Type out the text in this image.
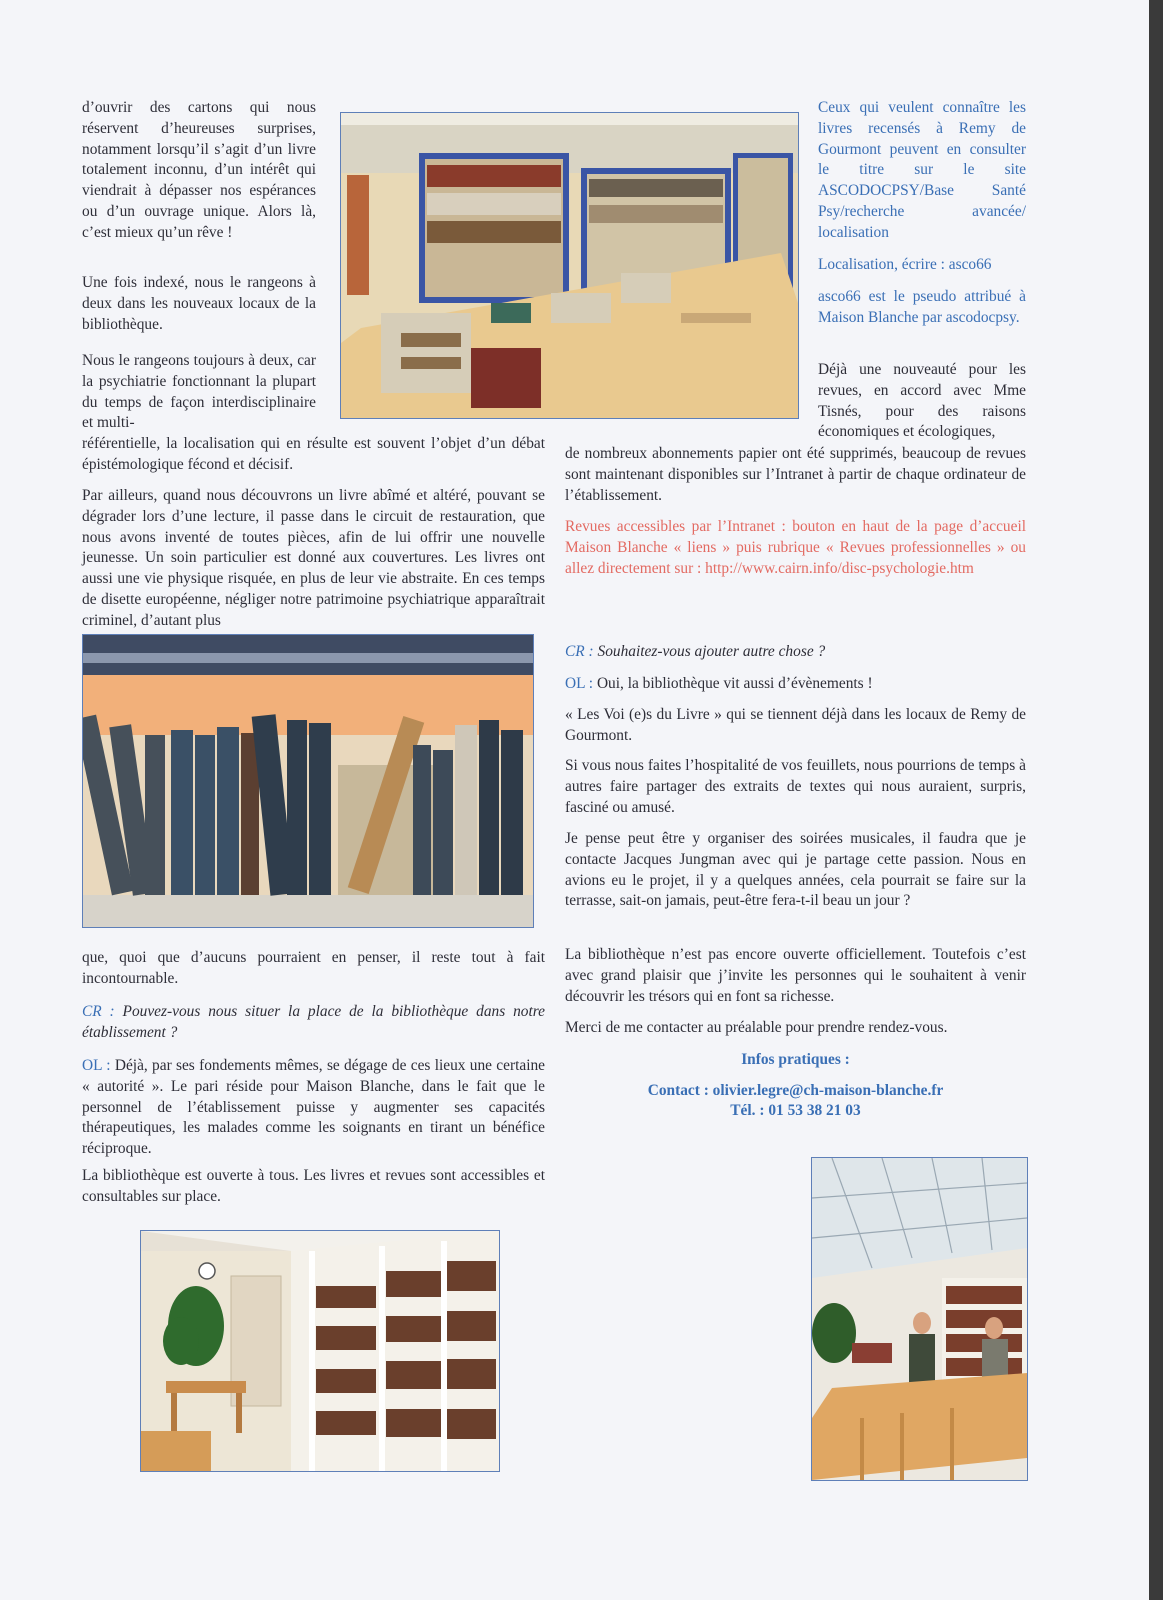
d’ouvrir des cartons qui nous réservent d’heureuses surprises, notamment lorsqu’il s’agit d’un livre totalement inconnu, d’un intérêt qui viendrait à dépasser nos espérances ou d’un ouvrage unique. Alors là, c’est mieux qu’un rêve !

Une fois indexé, nous le rangeons à deux dans les nouveaux locaux de la bibliothèque.

Nous le rangeons toujours à deux, car la psychiatrie fonctionnant la plupart du temps de façon interdisciplinaire et multi-

référentielle, la localisation qui en résulte est souvent l’objet d’un débat épistémologique fécond et décisif.

Par ailleurs, quand nous découvrons un livre abîmé et altéré, pouvant se dégrader lors d’une lecture, il passe dans le circuit de restauration, que nous avons inventé de toutes pièces, afin de lui offrir une nouvelle jeunesse. Un soin particulier est donné aux couvertures. Les livres ont aussi une vie physique risquée, en plus de leur vie abstraite. En ces temps de disette européenne, négliger notre patrimoine psychiatrique apparaîtrait criminel, d’autant plus

que, quoi que d’aucuns pourraient en penser, il reste tout à fait incontournable.

CR : Pouvez-vous nous situer la place de la bibliothèque dans notre établissement ?

OL : Déjà, par ses fondements mêmes, se dégage de ces lieux une certaine « autorité ». Le pari réside pour Maison Blanche, dans le fait que le personnel de l’établissement puisse y augmenter ses capacités thérapeutiques, les malades comme les soignants en tirant un bénéfice réciproque.

La bibliothèque est ouverte à tous. Les livres et revues sont accessibles et consultables sur place.

Ceux qui veulent connaître les livres recensés à Remy de Gourmont peuvent en consulter le titre sur le site ASCODOCPSY/Base Santé Psy/recherche avancée/ localisation

Localisation, écrire : asco66

asco66 est le pseudo attribué à Maison Blanche par ascodocpsy.

Déjà une nouveauté pour les revues, en accord avec Mme Tisnés, pour des raisons économiques et écologiques,

de nombreux abonnements papier ont été supprimés, beaucoup de revues sont maintenant disponibles sur l’Intranet à partir de chaque ordinateur de l’établissement.

Revues accessibles par l’Intranet : bouton en haut de la page d’accueil Maison Blanche « liens » puis rubrique « Revues professionnelles » ou allez directement sur : http://www.cairn.info/disc-psychologie.htm

CR : Souhaitez-vous ajouter autre chose ?

OL : Oui, la bibliothèque vit aussi d’évènements !

« Les Voi (e)s du Livre » qui se tiennent déjà dans les locaux de Remy de Gourmont.

Si vous nous faites l’hospitalité de vos feuillets, nous pourrions de temps à autres faire partager des extraits de textes qui nous auraient, surpris, fasciné ou amusé.

Je pense peut être y organiser des soirées musicales, il faudra que je contacte Jacques Jungman avec qui je partage cette passion. Nous en avions eu le projet, il y a quelques années, cela pourrait se faire sur la terrasse, sait-on jamais, peut-être fera-t-il beau un jour ?

La bibliothèque n’est pas encore ouverte officiellement. Toutefois c’est avec grand plaisir que j’invite les personnes qui le souhaitent à venir découvrir les trésors qui en font sa richesse.

Merci de me contacter au préalable pour prendre rendez-vous.

Infos pratiques :

Contact : olivier.legre@ch-maison-blanche.fr

Tél. : 01 53 38 21 03
